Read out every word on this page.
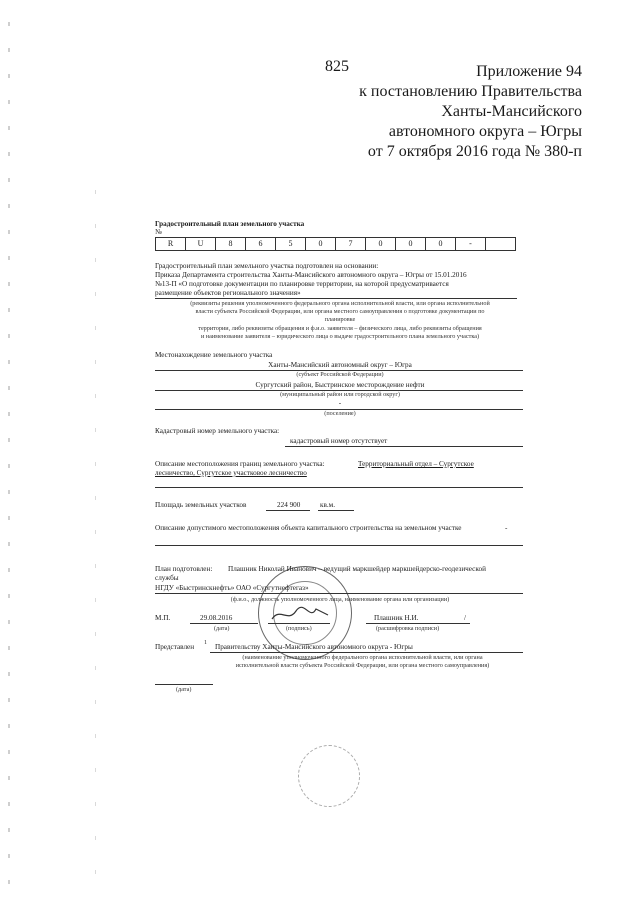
825	Приложение 94
к постановлению Правительства
Ханты-Мансийского
автономного округа – Югры
от 7 октября 2016 года № 380-п
Градостроительный план земельного участка
№
R	U	8	6	5	0	7	0	0	0	-
Градостроительный план земельного участка подготовлен на основании:
Приказа Департамента строительства Ханты-Мансийского автономного округа – Югры от 15.01.2016
№13-П «О подготовке документации по планировке территории, на которой предусматривается
размещение объектов регионального значения»
(реквизиты решения уполномоченного федерального органа исполнительной власти, или органа исполнительной
власти субъекта Российской Федерации, или органа местного самоуправления о подготовке документации по
планировке
территории, либо реквизиты обращения и ф.и.о. заявителя – физического лица, либо реквизиты обращения
и наименование заявителя – юридического лица о выдаче градостроительного плана земельного участка)
Местонахождение земельного участка
Ханты-Мансийский автономный округ – Югра
(субъект Российской Федерации)
Сургутский район, Быстринское месторождение нефти
(муниципальный район или городской округ)
-
(поселение)
Кадастровый номер земельного участка:
кадастровый номер отсутствует
Описание местоположения границ земельного участка:	Территориальный отдел – Сургутское
лесничество, Сургутское участковое лесничество
Площадь земельных участков	224 900	кв.м.
Описание допустимого местоположения объекта капитального строительства на земельном участке	-
План подготовлен: Плашник Николай Иванович – ведущий маркшейдер маркшейдерско-геодезической
службы
НГДУ «Быстринскнефть» ОАО «Сургутнефтегаз»
(ф.и.о., должность уполномоченного лица, наименование органа или организации)
М.П.	29.08.2016
(дата)	(подпись)
Плашник Н.И.	/
(расшифровка подписи)
Представлен
1
Правительству Ханты-Мансийского автономного округа - Югры
(наименование уполномоченного федерального органа исполнительной власти, или органа
исполнительной власти субъекта Российской Федерации, или органа местного самоуправления)
(дата)
